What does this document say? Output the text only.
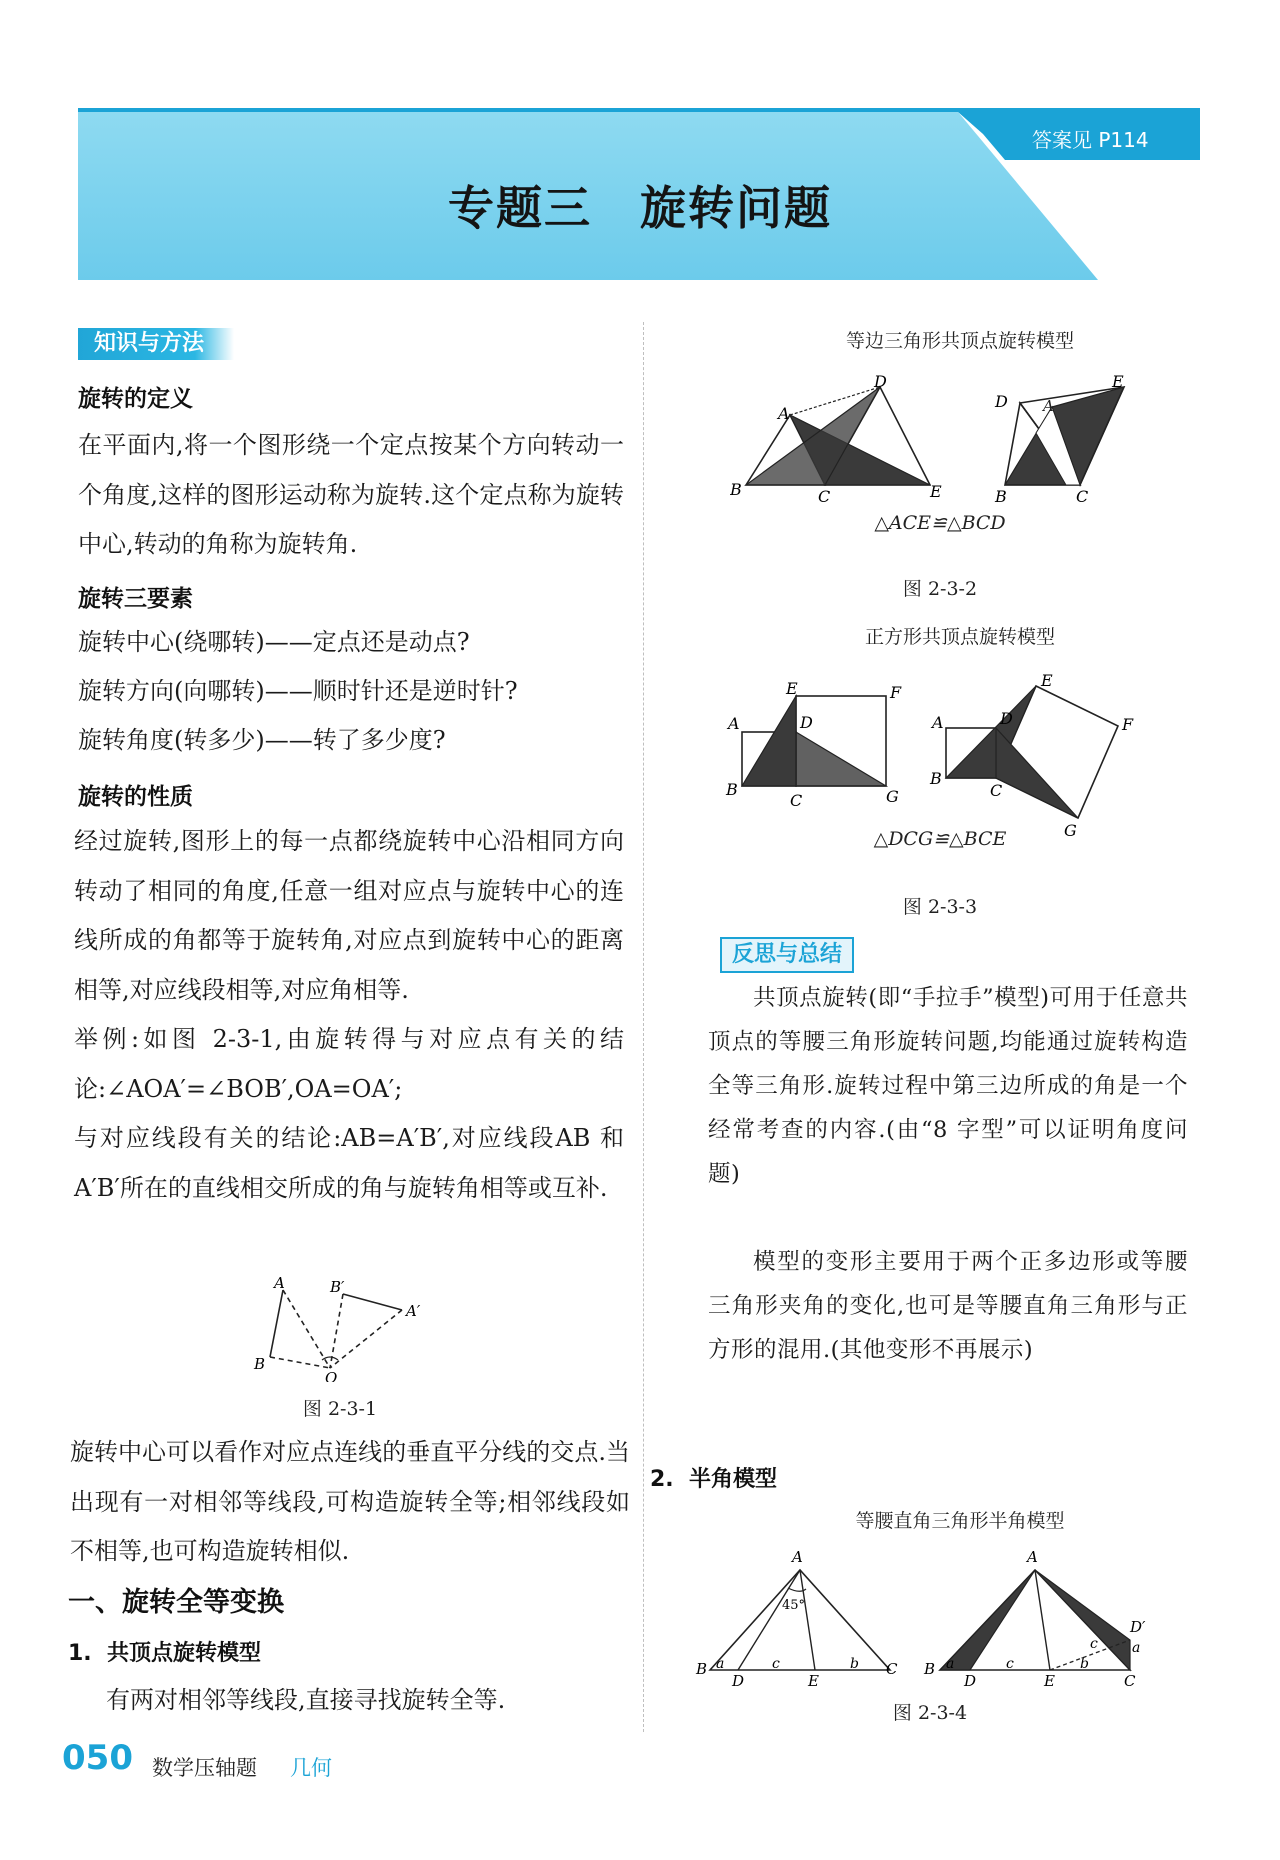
答案见 P114
专题三 旋转问题
知识与方法
旋转的定义

在平面内,将一个图形绕一个定点按某个方向转动一个角度,这样的图形运动称为旋转.这个定点称为旋转中心,转动的角称为旋转角.

旋转三要素
旋转中心(绕哪转)——定点还是动点?
旋转方向(向哪转)——顺时针还是逆时针?
旋转角度(转多少)——转了多少度?
旋转的性质

经过旋转,图形上的每一点都绕旋转中心沿相同方向转动了相同的角度,任意一组对应点与旋转中心的连线所成的角都等于旋转角,对应点到旋转中心的距离相等,对应线段相等,对应角相等.

举例:如图 2-3-1,由旋转得与对应点有关的结论:∠AOA′=∠BOB′,OA=OA′;

与对应线段有关的结论:AB=A′B′,对应线段AB 和 A′B′所在的直线相交所成的角与旋转角相等或互补.

A
B
B′
A′
O
图 2-3-1

旋转中心可以看作对应点连线的垂直平分线的交点.当出现有一对相邻等线段,可构造旋转全等;相邻线段如不相等,也可构造旋转相似.

一、旋转全等变换
1.  共顶点旋转模型
有两对相邻等线段,直接寻找旋转全等.
等边三角形共顶点旋转模型
A
B	C
D
E
A
B	C
D
E
△ACE≌△BCD
图 2-3-2
正方形共顶点旋转模型
A
B
C
D
E	F
G
A
B
C
D
E
F
G
△DCG≌△BCE
图 2-3-3
反思与总结
共顶点旋转(即“手拉手”模型)可用于任意共顶点的等腰三角形旋转问题,均能通过旋转构造全等三角形.旋转过程中第三边所成的角是一个经常考查的内容.(由“8 字型”可以证明角度问题)
模型的变形主要用于两个正多边形或等腰三角形夹角的变化,也可是等腰直角三角形与正方形的混用.(其他变形不再展示)
2.  半角模型
等腰直角三角形半角模型
A
45°
B a
D
c
E
b C
A
B a
D
c
E
b
C
D′
a
c
图 2-3-4
050 数学压轴题 几何
